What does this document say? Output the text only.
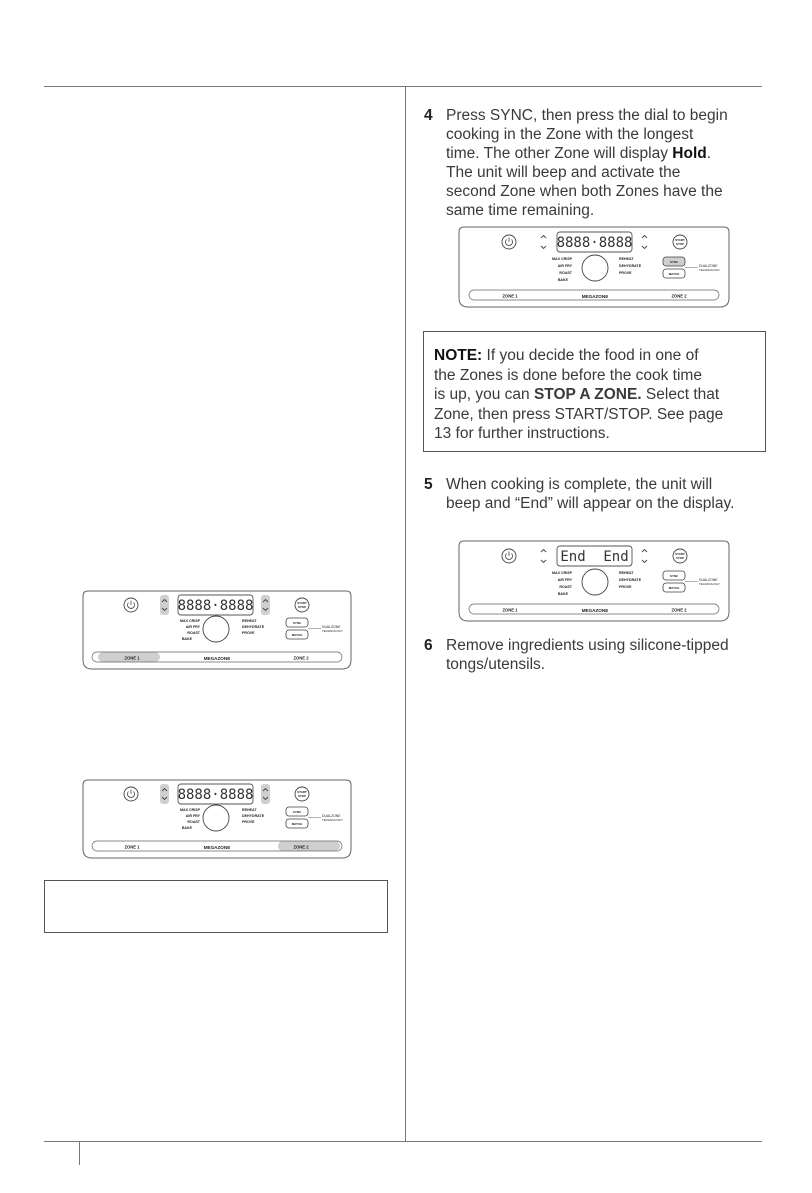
8888·8888	START
STOP
MAX CRISP
AIR FRY
ROAST
BAKE
REHEAT
DEHYDRATE
PROVE
SYNC
MATCH
DUALZONE
TECHNOLOGY
ZONE 1	MEGAZONE	ZONE 2
8888·8888	START
STOP
MAX CRISP
AIR FRY
ROAST
BAKE
REHEAT
DEHYDRATE
PROVE
SYNC
MATCH
DUALZONE
TECHNOLOGY
ZONE 1	MEGAZONE	ZONE 2
4 Press SYNC, then press the dial to begin
cooking in the Zone with the longest
time. The other Zone will display Hold.
The unit will beep and activate the
second Zone when both Zones have the
same time remaining.
8888·8888	START
STOP
MAX CRISP
AIR FRY
ROAST
BAKE
REHEAT
DEHYDRATE
PROVE
SYNC
MATCH
DUALZONE
TECHNOLOGY
ZONE 1	MEGAZONE	ZONE 2
NOTE: If you decide the food in one of
the Zones is done before the cook time
is up, you can STOP A ZONE. Select that
Zone, then press START/STOP. See page
13 for further instructions.
5 When cooking is complete, the unit will
beep and “End” will appear on the display.
End End	START
STOP
MAX CRISP
AIR FRY
ROAST
BAKE
REHEAT
DEHYDRATE
PROVE
SYNC
MATCH
DUALZONE
TECHNOLOGY
ZONE 1	MEGAZONE	ZONE 2
6 Remove ingredients using silicone-tipped
tongs/utensils.
